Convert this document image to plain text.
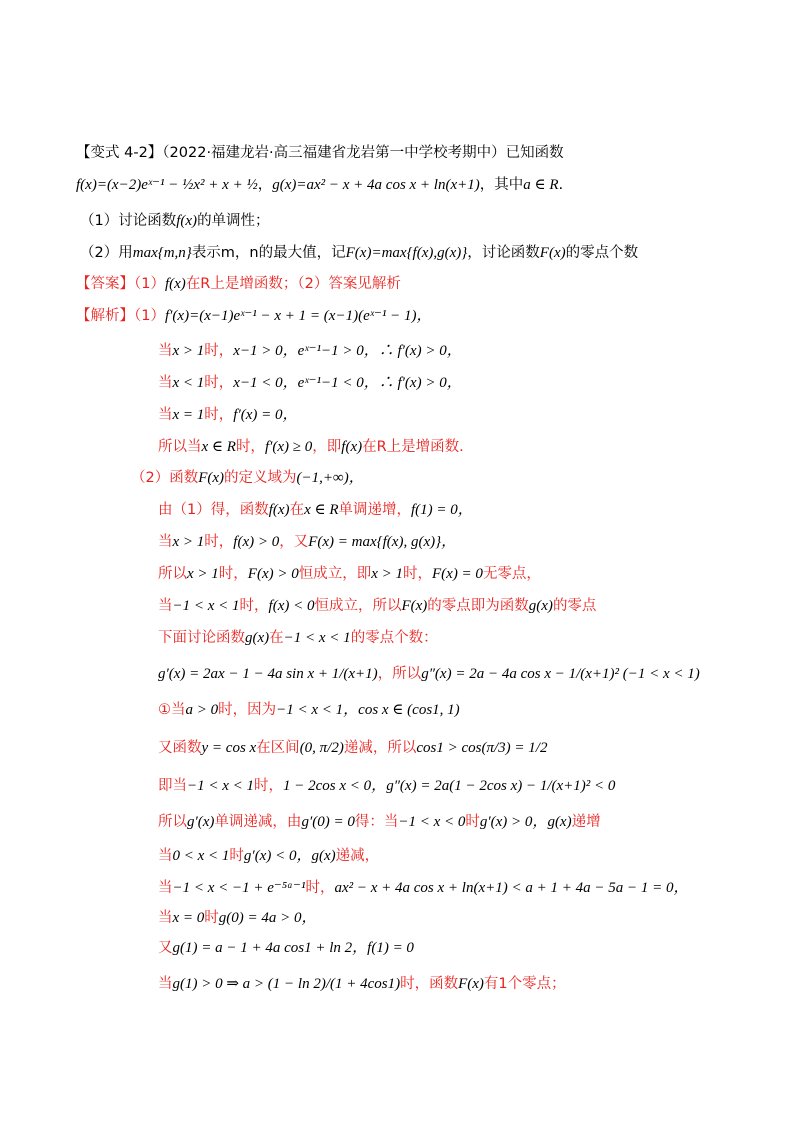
【变式 4-2】（2022·福建龙岩·高三福建省龙岩第一中学校考期中）已知函数
f(x)=(x−2)eˣ⁻¹ − ½x² + x + ½，g(x)=ax² − x + 4a cos x + ln(x+1)，其中a ∈ R.
（1）讨论函数f(x)的单调性；
（2）用max{m,n}表示m，n的最大值，记F(x)=max{f(x),g(x)}，讨论函数F(x)的零点个数
【答案】（1）f(x)在R上是增函数；（2）答案见解析
【解析】（1）f′(x)=(x−1)eˣ⁻¹ − x + 1 = (x−1)(eˣ⁻¹ − 1)，
当x > 1时，x−1 > 0，eˣ⁻¹−1 > 0，∴ f′(x) > 0，
当x < 1时，x−1 < 0，eˣ⁻¹−1 < 0，∴ f′(x) > 0，
当x = 1时，f′(x) = 0，
所以当x ∈ R时，f′(x) ≥ 0，即f(x)在R上是增函数.
（2）函数F(x)的定义域为(−1,+∞)，
由（1）得，函数f(x)在x ∈ R单调递增，f(1) = 0，
当x > 1时，f(x) > 0，又F(x) = max{f(x), g(x)}，
所以x > 1时，F(x) > 0恒成立，即x > 1时，F(x) = 0无零点，
当−1 < x < 1时，f(x) < 0恒成立，所以F(x)的零点即为函数g(x)的零点
下面讨论函数g(x)在−1 < x < 1的零点个数：
g′(x) = 2ax − 1 − 4a sin x + 1/(x+1)，所以g″(x) = 2a − 4a cos x − 1/(x+1)² (−1 < x < 1)
①当a > 0时，因为−1 < x < 1，cos x ∈ (cos1, 1)
又函数y = cos x在区间(0, π/2)递减，所以cos1 > cos(π/3) = 1/2
即当−1 < x < 1时，1 − 2cos x < 0，g″(x) = 2a(1 − 2cos x) − 1/(x+1)² < 0
所以g′(x)单调递减，由g′(0) = 0得：当−1 < x < 0时g′(x) > 0，g(x)递增
当0 < x < 1时g′(x) < 0，g(x)递减，
当−1 < x < −1 + e⁻⁵ᵃ⁻¹时，ax² − x + 4a cos x + ln(x+1) < a + 1 + 4a − 5a − 1 = 0，
当x = 0时g(0) = 4a > 0，
又g(1) = a − 1 + 4a cos1 + ln 2，f(1) = 0
当g(1) > 0 ⇒ a > (1 − ln 2)/(1 + 4cos1)时，函数F(x)有1个零点；
